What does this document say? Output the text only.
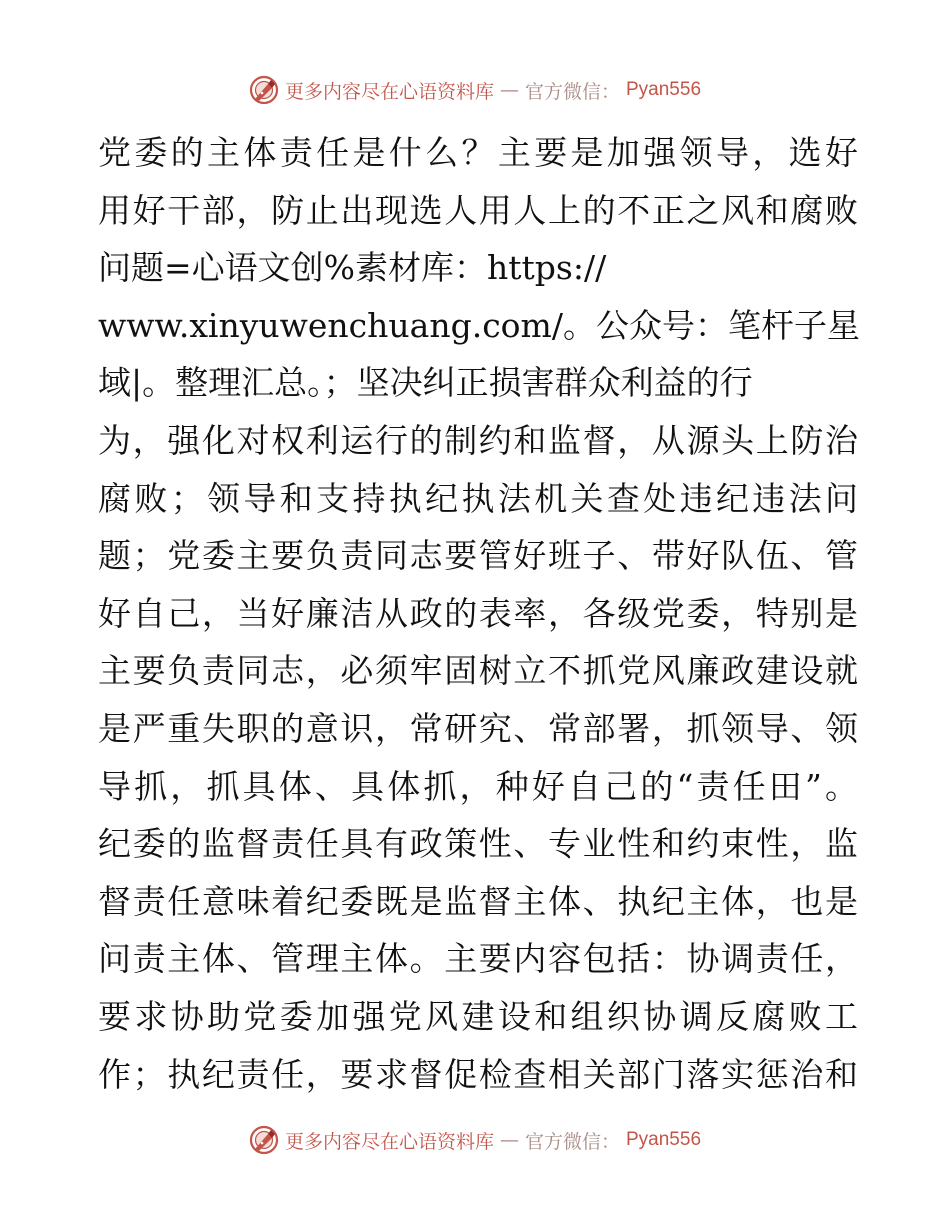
更多内容尽在心语资料库 — 官方微信： Pyan556
党委的主体责任是什么？主要是加强领导，选好
用好干部，防止出现选人用人上的不正之风和腐败
问题=心语文创%素材库：https://
www.xinyuwenchuang.com/。公众号：笔杆子星
域|。整理汇总。；坚决纠正损害群众利益的行
为，强化对权利运行的制约和监督，从源头上防治
腐败；领导和支持执纪执法机关查处违纪违法问
题；党委主要负责同志要管好班子、带好队伍、管
好自己，当好廉洁从政的表率，各级党委，特别是
主要负责同志，必须牢固树立不抓党风廉政建设就
是严重失职的意识，常研究、常部署，抓领导、领
导抓，抓具体、具体抓，种好自己的“责任田”。
纪委的监督责任具有政策性、专业性和约束性，监
督责任意味着纪委既是监督主体、执纪主体，也是
问责主体、管理主体。主要内容包括：协调责任，
要求协助党委加强党风建设和组织协调反腐败工
作；执纪责任，要求督促检查相关部门落实惩治和
更多内容尽在心语资料库 — 官方微信： Pyan556
